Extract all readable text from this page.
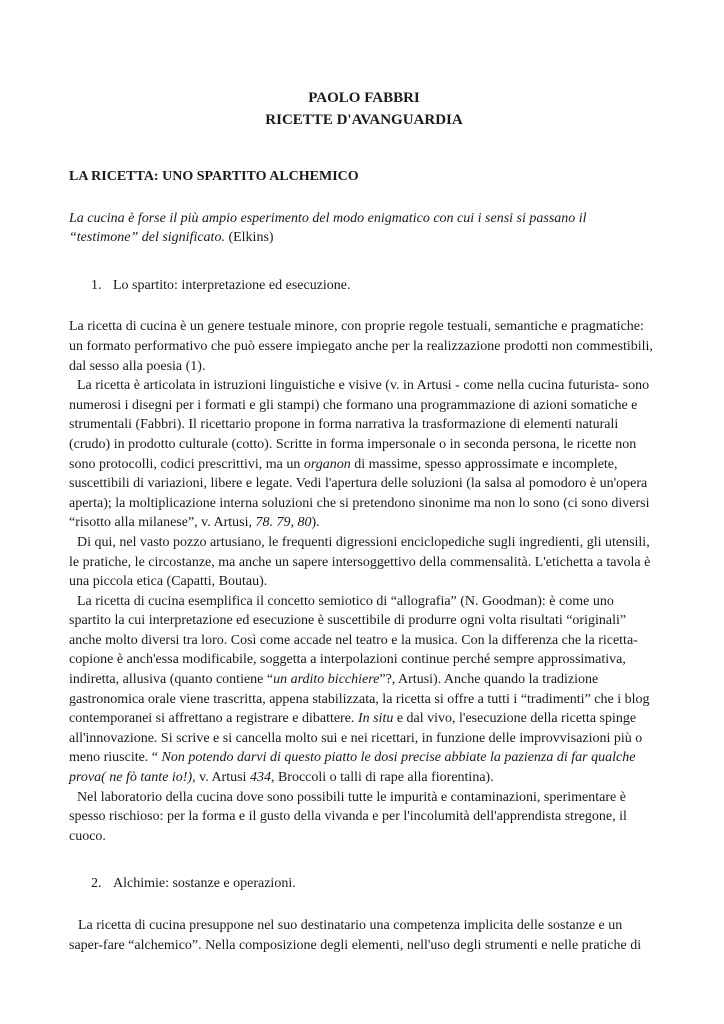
PAOLO FABBRI
RICETTE D'AVANGUARDIA
LA RICETTA: UNO SPARTITO ALCHEMICO
La cucina è forse il più ampio esperimento del modo enigmatico con cui i sensi si passano il “testimone” del significato. (Elkins)
1. Lo spartito: interpretazione ed esecuzione.

La ricetta di cucina è un genere testuale minore, con proprie regole testuali, semantiche e pragmatiche: un formato performativo che può essere impiegato anche per la realizzazione prodotti non commestibili, dal sesso alla poesia (1).

La ricetta è articolata in istruzioni linguistiche e visive (v. in Artusi - come nella cucina futurista- sono numerosi i disegni per i formati e gli stampi) che formano una programmazione di azioni somatiche e strumentali (Fabbri). Il ricettario propone in forma narrativa la trasformazione di elementi naturali (crudo) in prodotto culturale (cotto). Scritte in forma impersonale o in seconda persona, le ricette non sono protocolli, codici prescrittivi, ma un organon di massime, spesso approssimate e incomplete, suscettibili di variazioni, libere e legate. Vedi l'apertura delle soluzioni (la salsa al pomodoro è un'opera aperta); la moltiplicazione interna soluzioni che si pretendono sinonime ma non lo sono (ci sono diversi “risotto alla milanese”, v. Artusi, 78. 79, 80).

Di qui, nel vasto pozzo artusiano, le frequenti digressioni enciclopediche sugli ingredienti, gli utensili, le pratiche, le circostanze, ma anche un sapere intersoggettivo della commensalità. L'etichetta a tavola è una piccola etica (Capatti, Boutau).

La ricetta di cucina esemplifica il concetto semiotico di “allografia” (N. Goodman): è come uno spartito la cui interpretazione ed esecuzione è suscettibile di produrre ogni volta risultati “originali” anche molto diversi tra loro. Così come accade nel teatro e la musica. Con la differenza che la ricetta-copione è anch'essa modificabile, soggetta a interpolazioni continue perché sempre approssimativa, indiretta, allusiva (quanto contiene “un ardito bicchiere”?, Artusi). Anche quando la tradizione gastronomica orale viene trascritta, appena stabilizzata, la ricetta si offre a tutti i “tradimenti” che i blog contemporanei si affrettano a registrare e dibattere. In situ e dal vivo, l'esecuzione della ricetta spinge all'innovazione. Si scrive e si cancella molto sui e nei ricettari, in funzione delle improvvisazioni più o meno riuscite. “ Non potendo darvi di questo piatto le dosi precise abbiate la pazienza di far qualche prova( ne fò tante io!), v. Artusi 434, Broccoli o talli di rape alla fiorentina).

Nel laboratorio della cucina dove sono possibili tutte le impurità e contaminazioni, sperimentare è spesso rischioso: per la forma e il gusto della vivanda e per l'incolumità dell'apprendista stregone, il cuoco.

2. Alchimie: sostanze e operazioni.

La ricetta di cucina presuppone nel suo destinatario una competenza implicita delle sostanze e un saper-fare “alchemico”. Nella composizione degli elementi, nell'uso degli strumenti e nelle pratiche di
